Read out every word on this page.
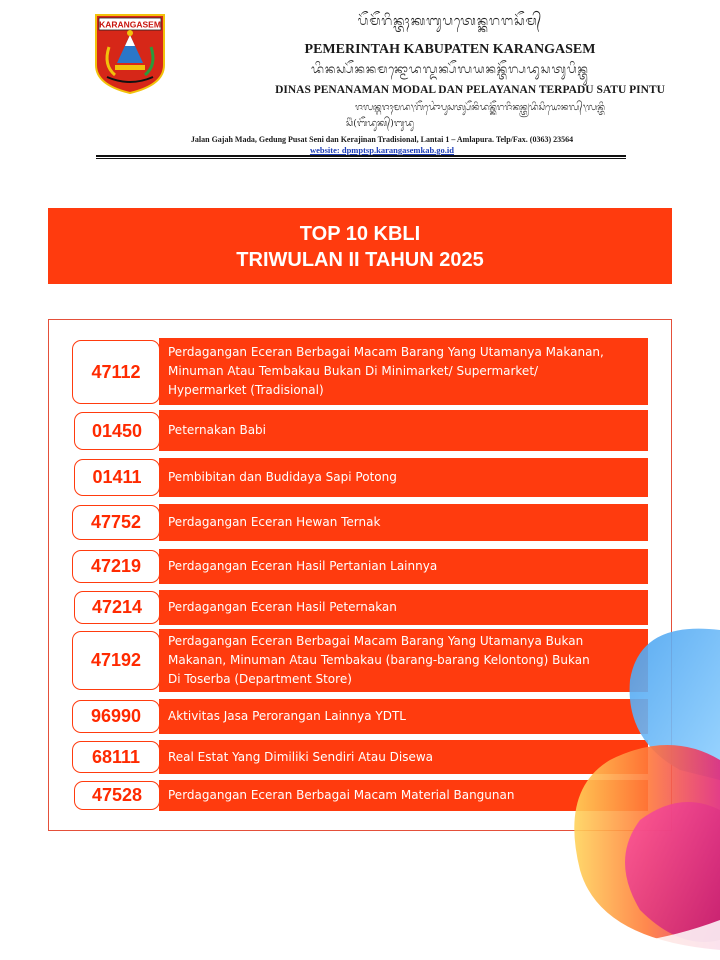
KARANGASEM	ᬧᭂᬫᭂᬭᬶᬦ᭄ᬢᬄᬓᬩᬸᬧᬢᬾᬦ᭄ᬓᬭᬗᬲᭂᬫ᭄
PEMERINTAH KABUPATEN KARANGASEM
ᬤᬶᬦᬲ᭄ᬧᭂᬦᬦᬫᬦ᭄ᬫᭀᬤᬮ᭄ᬤᬦ᭄ᬧᭂᬮᬬᬦᬦ᭄ᬢᭂᬭ᭄ᬧᬤᬸᬲᬢᬸᬧᬶᬦ᭄ᬢᬸ
DINAS PENANAMAN MODAL DAN PELAYANAN TERPADU SATU PINTU
ᬚᬮᬦ᭄ᬕᬚᬄᬫᬤ᭞ᬕᭂᬤᭀᬂᬧᬸᬲᬢ᭄ᬲᭂᬦᬶᬤᬦ᭄ᬓᭂᬭᬚᬶᬦᬦ᭄ᬢ᭄ᬭᬤᬶᬲᬶᬬᭀᬦᬮ᭄᭞ᬮᬦ᭄ᬢᬶ
ᬲᬶᬂ(ᬩᭂᬤᬸᬓ᭄)ᬩᬸᬤᬸ
Jalan Gajah Mada, Gedung Pusat Seni dan Kerajinan Tradisional, Lantai 1 – Amlapura. Telp/Fax. (0363) 23564
website: dpmptsp.karangasemkab.go.id
TOP 10 KBLI
TRIWULAN II TAHUN 2025
Perdagangan Eceran Berbagai Macam Barang Yang Utamanya Makanan,
Minuman Atau Tembakau Bukan Di Minimarket/ Supermarket/
Hypermarket (Tradisional)
47112
Peternakan Babi
01450
Pembibitan dan Budidaya Sapi Potong
01411
Perdagangan Eceran Hewan Ternak
47752
Perdagangan Eceran Hasil Pertanian Lainnya
47219
Perdagangan Eceran Hasil Peternakan
47214
Perdagangan Eceran Berbagai Macam Barang Yang Utamanya Bukan
Makanan, Minuman Atau Tembakau (barang-barang Kelontong) Bukan
Di Toserba (Department Store)
47192
Aktivitas Jasa Perorangan Lainnya YDTL
96990
Real Estat Yang Dimiliki Sendiri Atau Disewa
68111
Perdagangan Eceran Berbagai Macam Material Bangunan
47528
